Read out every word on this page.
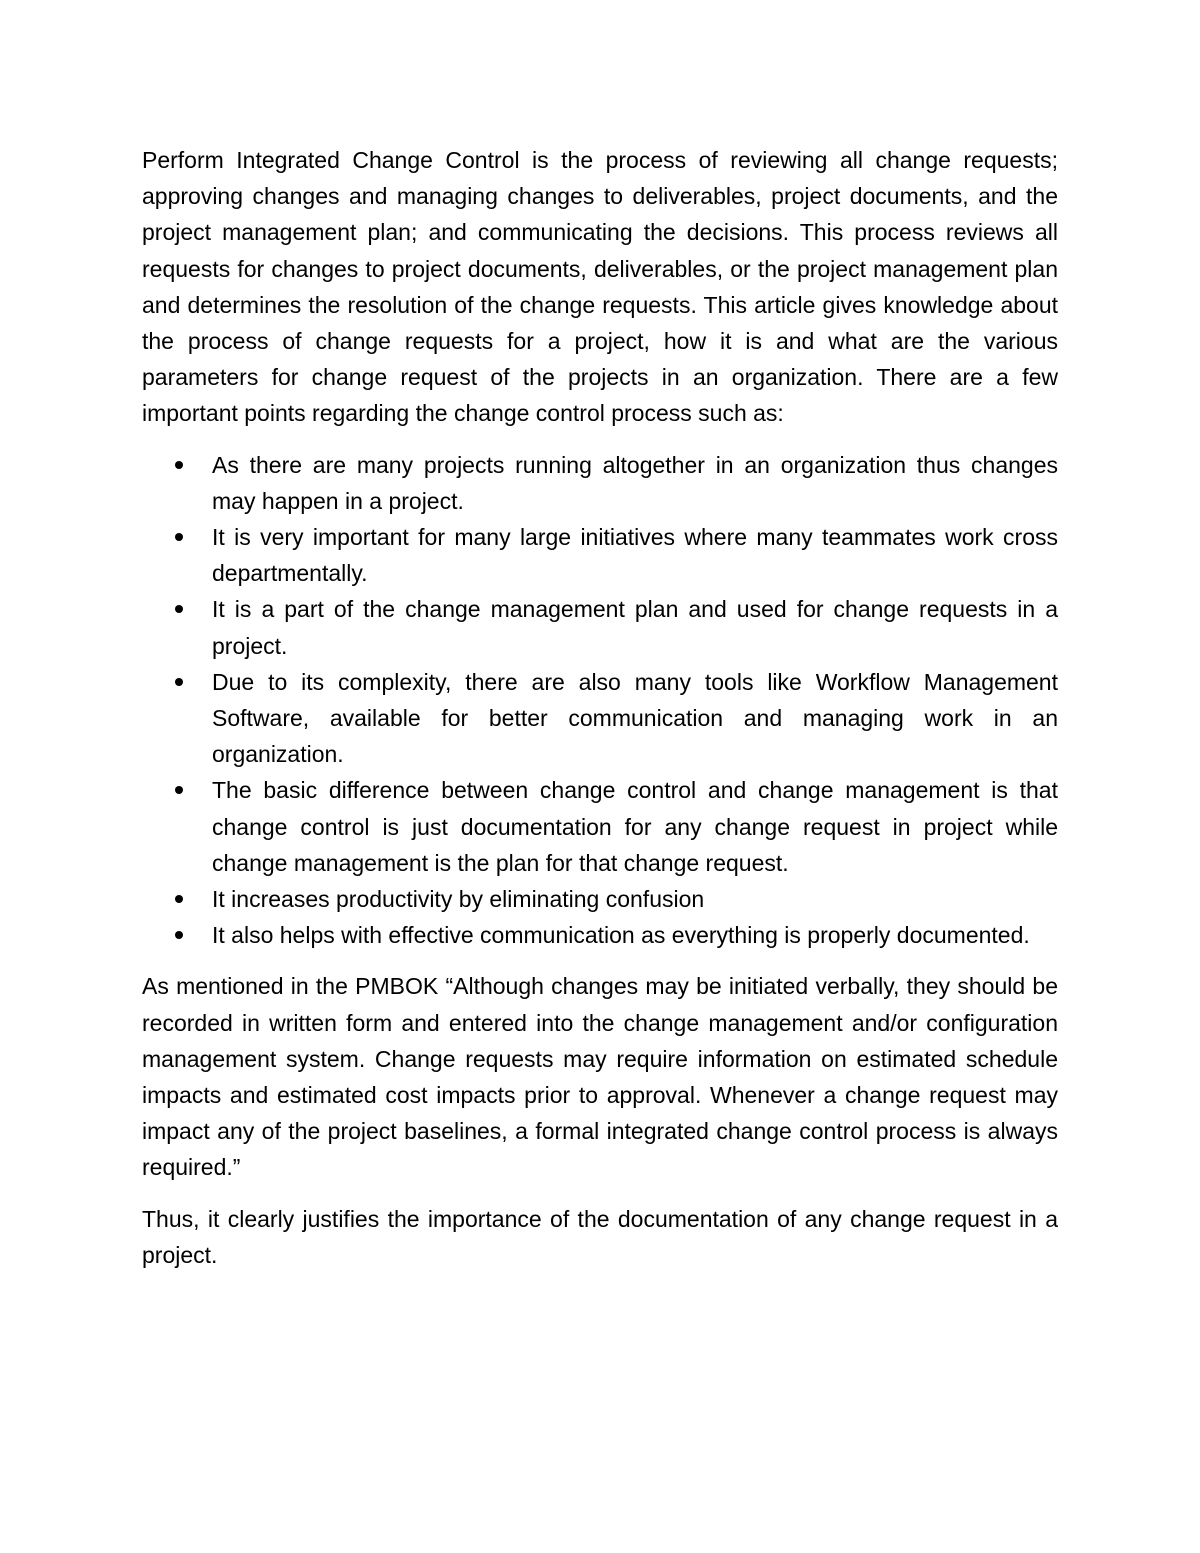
Perform Integrated Change Control is the process of reviewing all change requests; approving changes and managing changes to deliverables, project documents, and the project management plan; and communicating the decisions. This process reviews all requests for changes to project documents, deliverables, or the project management plan and determines the resolution of the change requests. This article gives knowledge about the process of change requests for a project, how it is and what are the various parameters for change request of the projects in an organization. There are a few important points regarding the change control process such as:

As there are many projects running altogether in an organization thus changes may happen in a project.
It is very important for many large initiatives where many teammates work cross departmentally.
It is a part of the change management plan and used for change requests in a project.
Due to its complexity, there are also many tools like Workflow Management Software, available for better communication and managing work in an organization.
The basic difference between change control and change management is that change control is just documentation for any change request in project while change management is the plan for that change request.
It increases productivity by eliminating confusion
It also helps with effective communication as everything is properly documented.

As mentioned in the PMBOK “Although changes may be initiated verbally, they should be recorded in written form and entered into the change management and/or configuration management system. Change requests may require information on estimated schedule impacts and estimated cost impacts prior to approval. Whenever a change request may impact any of the project baselines, a formal integrated change control process is always required.”

Thus, it clearly justifies the importance of the documentation of any change request in a project.
